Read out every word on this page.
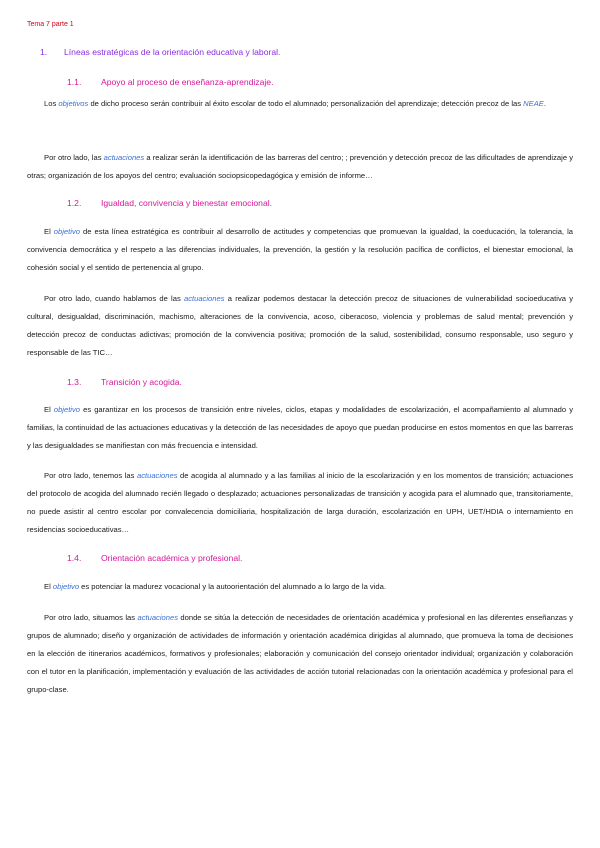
Tema 7 parte 1
1. Líneas estratégicas de la orientación educativa y laboral.
1.1. Apoyo al proceso de enseñanza-aprendizaje.

Los objetivos de dicho proceso serán contribuir al éxito escolar de todo el alumnado; personalización del aprendizaje; detección precoz de las NEAE.

Por otro lado, las actuaciones a realizar serán la identificación de las barreras del centro; ; prevención y detección precoz de las dificultades de aprendizaje y otras; organización de los apoyos del centro; evaluación sociopsicopedagógica y emisión de informe…

1.2. Igualdad, convivencia y bienestar emocional.

El objetivo de esta línea estratégica es contribuir al desarrollo de actitudes y competencias que promuevan la igualdad, la coeducación, la tolerancia, la convivencia democrática y el respeto a las diferencias individuales, la prevención, la gestión y la resolución pacífica de conflictos, el bienestar emocional, la cohesión social y el sentido de pertenencia al grupo.

Por otro lado, cuando hablamos de las actuaciones a realizar podemos destacar la detección precoz de situaciones de vulnerabilidad socioeducativa y cultural, desigualdad, discriminación, machismo, alteraciones de la convivencia, acoso, ciberacoso, violencia y problemas de salud mental; prevención y detección precoz de conductas adictivas; promoción de la convivencia positiva; promoción de la salud, sostenibilidad, consumo responsable, uso seguro y responsable de las TIC…

1.3. Transición y acogida.

El objetivo es garantizar en los procesos de transición entre niveles, ciclos, etapas y modalidades de escolarización, el acompañamiento al alumnado y familias, la continuidad de las actuaciones educativas y la detección de las necesidades de apoyo que puedan producirse en estos momentos en que las barreras y las desigualdades se manifiestan con más frecuencia e intensidad.

Por otro lado, tenemos las actuaciones de acogida al alumnado y a las familias al inicio de la escolarización y en los momentos de transición; actuaciones del protocolo de acogida del alumnado recién llegado o desplazado; actuaciones personalizadas de transición y acogida para el alumnado que, transitoriamente, no puede asistir al centro escolar por convalecencia domiciliaria, hospitalización de larga duración, escolarización en UPH, UET/HDIA o internamiento en residencias socioeducativas…

1.4. Orientación académica y profesional.

El objetivo es potenciar la madurez vocacional y la autoorientación del alumnado a lo largo de la vida.

Por otro lado, situamos las actuaciones donde se sitúa la detección de necesidades de orientación académica y profesional en las diferentes enseñanzas y grupos de alumnado; diseño y organización de actividades de información y orientación académica dirigidas al alumnado, que promueva la toma de decisiones en la elección de itinerarios académicos, formativos y profesionales; elaboración y comunicación del consejo orientador individual; organización y colaboración con el tutor en la planificación, implementación y evaluación de las actividades de acción tutorial relacionadas con la orientación académica y profesional para el grupo-clase.
